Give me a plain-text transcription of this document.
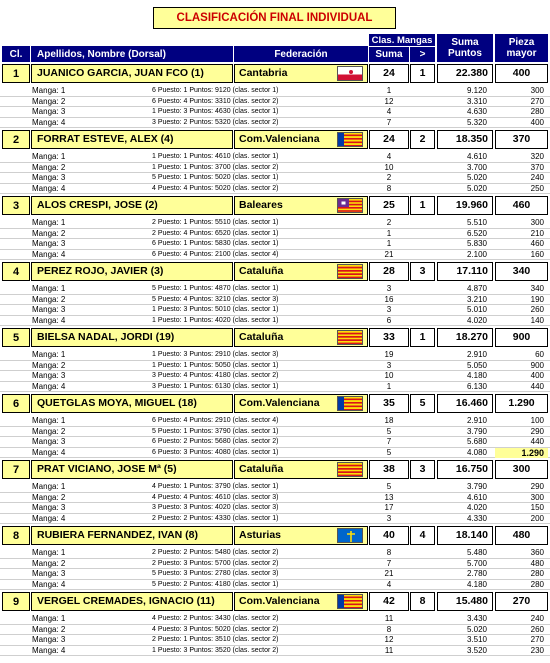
CLASIFICACIÓN FINAL INDIVIDUAL
Cl.	Apellidos, Nombre (Dorsal)	Federación
Clas. Mangas
Suma	>
Suma Puntos
Pieza mayor
1	JUANICO GARCIA, JUAN FCO (1)	Cantabria	24	1	22.380	400
Manga: 1	6 Puesto: 1 Puntos: 9120 (clas. sector 1)	1	9.120	300
Manga: 2	6 Puesto: 4 Puntos: 3310 (clas. sector 2)	12	3.310	270
Manga: 3	1 Puesto: 3 Puntos: 4630 (clas. sector 1)	4	4.630	280
Manga: 4	3 Puesto: 2 Puntos: 5320 (clas. sector 2)	7	5.320	400
2	FORRAT ESTEVE, ALEX (4)	Com.Valenciana	24	2	18.350	370
Manga: 1	1 Puesto: 1 Puntos: 4610 (clas. sector 1)	4	4.610	320
Manga: 2	1 Puesto: 1 Puntos: 3700 (clas. sector 2)	10	3.700	370
Manga: 3	5 Puesto: 1 Puntos: 5020 (clas. sector 1)	2	5.020	240
Manga: 4	4 Puesto: 4 Puntos: 5020 (clas. sector 2)	8	5.020	250
3	ALOS CRESPI, JOSE (2)	Baleares	25	1	19.960	460
Manga: 1	2 Puesto: 1 Puntos: 5510 (clas. sector 1)	2	5.510	300
Manga: 2	2 Puesto: 4 Puntos: 6520 (clas. sector 1)	1	6.520	210
Manga: 3	6 Puesto: 1 Puntos: 5830 (clas. sector 1)	1	5.830	460
Manga: 4	6 Puesto: 4 Puntos: 2100 (clas. sector 4)	21	2.100	160
4	PEREZ ROJO, JAVIER (3)	Cataluña	28	3	17.110	340
Manga: 1	5 Puesto: 1 Puntos: 4870 (clas. sector 1)	3	4.870	340
Manga: 2	5 Puesto: 4 Puntos: 3210 (clas. sector 3)	16	3.210	190
Manga: 3	1 Puesto: 3 Puntos: 5010 (clas. sector 1)	3	5.010	260
Manga: 4	1 Puesto: 1 Puntos: 4020 (clas. sector 1)	6	4.020	140
5	BIELSA NADAL, JORDI (19)	Cataluña	33	1	18.270	900
Manga: 1	1 Puesto: 3 Puntos: 2910 (clas. sector 3)	19	2.910	60
Manga: 2	1 Puesto: 1 Puntos: 5050 (clas. sector 1)	3	5.050	900
Manga: 3	3 Puesto: 4 Puntos: 4180 (clas. sector 2)	10	4.180	400
Manga: 4	3 Puesto: 1 Puntos: 6130 (clas. sector 1)	1	6.130	440
6	QUETGLAS MOYA, MIGUEL (18)	Com.Valenciana	35	5	16.460	1.290
Manga: 1	6 Puesto: 4 Puntos: 2910 (clas. sector 4)	18	2.910	100
Manga: 2	5 Puesto: 1 Puntos: 3790 (clas. sector 1)	5	3.790	290
Manga: 3	6 Puesto: 2 Puntos: 5680 (clas. sector 2)	7	5.680	440
Manga: 4	6 Puesto: 3 Puntos: 4080 (clas. sector 1)	5	4.080	1.290
7	PRAT VICIANO, JOSE Mª (5)	Cataluña	38	3	16.750	300
Manga: 1	4 Puesto: 1 Puntos: 3790 (clas. sector 1)	5	3.790	290
Manga: 2	4 Puesto: 4 Puntos: 4610 (clas. sector 3)	13	4.610	300
Manga: 3	3 Puesto: 3 Puntos: 4020 (clas. sector 3)	17	4.020	150
Manga: 4	2 Puesto: 2 Puntos: 4330 (clas. sector 1)	3	4.330	200
8	RUBIERA FERNANDEZ, IVAN (8)	Asturias	40	4	18.140	480
Manga: 1	2 Puesto: 2 Puntos: 5480 (clas. sector 2)	8	5.480	360
Manga: 2	2 Puesto: 3 Puntos: 5700 (clas. sector 2)	7	5.700	480
Manga: 3	5 Puesto: 3 Puntos: 2780 (clas. sector 3)	21	2.780	280
Manga: 4	5 Puesto: 2 Puntos: 4180 (clas. sector 1)	4	4.180	280
9	VERGEL CREMADES, IGNACIO (11)	Com.Valenciana	42	8	15.480	270
Manga: 1	4 Puesto: 2 Puntos: 3430 (clas. sector 2)	11	3.430	240
Manga: 2	4 Puesto: 3 Puntos: 5020 (clas. sector 2)	8	5.020	260
Manga: 3	2 Puesto: 1 Puntos: 3510 (clas. sector 2)	12	3.510	270
Manga: 4	1 Puesto: 3 Puntos: 3520 (clas. sector 2)	11	3.520	230
